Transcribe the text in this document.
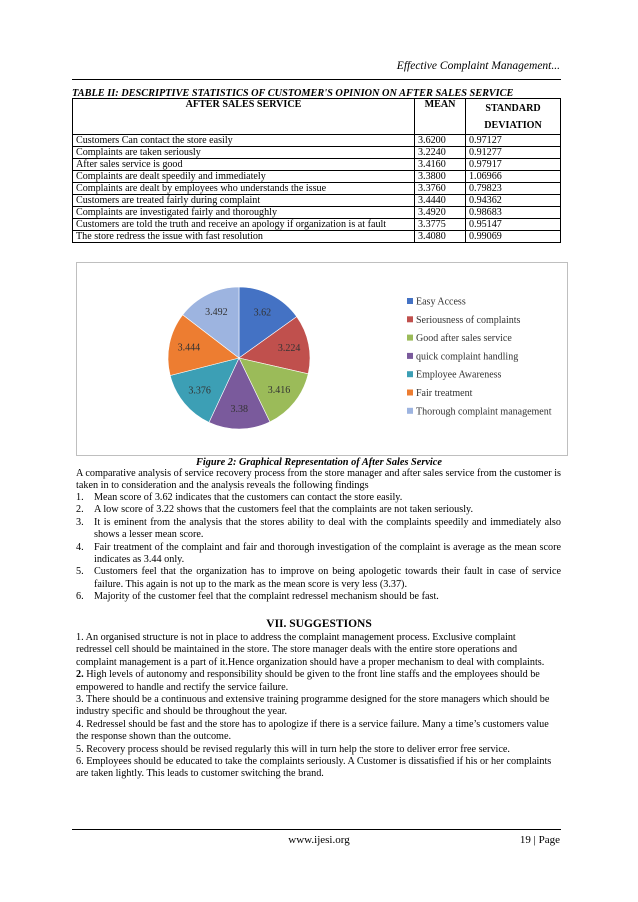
Effective Complaint Management...
TABLE II: DESCRIPTIVE STATISTICS OF CUSTOMER'S OPINION ON AFTER SALES SERVICE
AFTER SALES SERVICE	MEAN	STANDARD
DEVIATION
Customers Can contact the store easily	3.6200	0.97127
Complaints are taken seriously	3.2240	0.91277
After sales service is good	3.4160	0.97917
Complaints are dealt speedily and immediately	3.3800	1.06966
Complaints are dealt by employees who understands the issue	3.3760	0.79823
Customers are treated fairly during complaint	3.4440	0.94362
Complaints are investigated fairly and thoroughly	3.4920	0.98683
Customers are told the truth and receive an apology if organization is at fault	3.3775	0.95147
The store redress the issue with fast resolution	3.4080	0.99069
3.62
3.224
3.416
3.38
3.376
3.444
3.492
Easy Access
Seriousness of complaints
Good after sales service
quick complaint handling
Employee Awareness
Fair treatment
Thorough complaint management
Figure 2: Graphical Representation of After Sales Service
A comparative analysis of service recovery process from the store manager and after sales service from the customer is taken in to consideration and the analysis reveals the following findings
1. Mean score of 3.62 indicates that the customers can contact the store easily.
2. A low score of 3.22 shows that the customers feel that the complaints are not taken seriously.
3. It is eminent from the analysis that the stores ability to deal with the complaints speedily and immediately also shows a lesser mean score.
4. Fair treatment of the complaint and fair and thorough investigation of the complaint is average as the mean score indicates as 3.44 only.
5. Customers feel that the organization has to improve on being apologetic towards their fault in case of service failure. This again is not up to the mark as the mean score is very less (3.37).
6. Majority of the customer feel that the complaint redressel mechanism should be fast.
VII. SUGGESTIONS

1. An organised structure is not in place to address the complaint management process. Exclusive complaint redressel cell should be maintained in the store. The store manager deals with the entire store operations and complaint management is a part of it.Hence organization should have a proper mechanism to deal with complaints.

2. High levels of autonomy and responsibility should be given to the front line staffs and the employees should be empowered to handle and rectify the service failure.

3. There should be a continuous and extensive training programme designed for the store managers which should be industry specific and should be throughout the year.

4. Redressel should be fast and the store has to apologize if there is a service failure. Many a time’s customers value the response shown than the outcome.

5. Recovery process should be revised regularly this will in turn help the store to deliver error free service.

6. Employees should be educated to take the complaints seriously. A Customer is dissatisfied if his or her complaints are taken lightly. This leads to customer switching the brand.

www.ijesi.org	19 | Page
